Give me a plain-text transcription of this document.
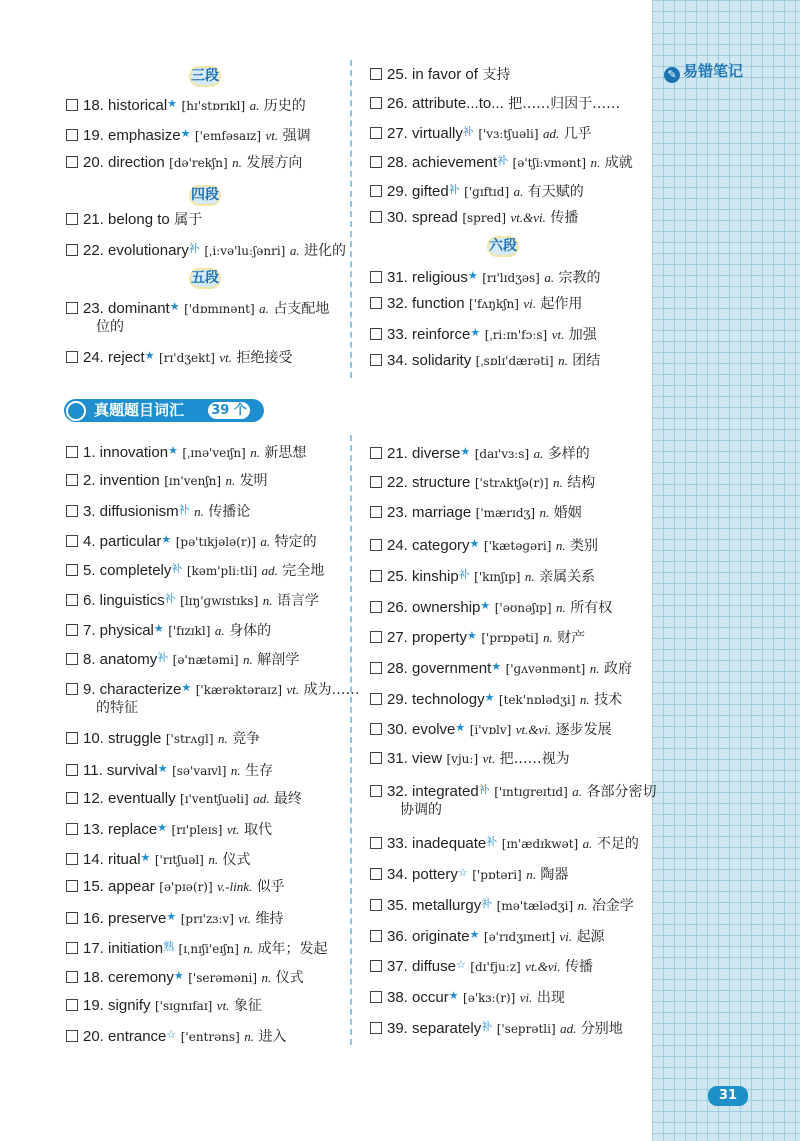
✎ 易错笔记
31
三段
四段
五段
六段
真题题目词汇 39 个
18. historical★ [hɪ'stɒrɪkl] a. 历史的
19. emphasize★ ['emfəsaɪz] vt. 强调
20. direction [də'rekʃn] n. 发展方向
21. belong to 属于
22. evolutionary$^补$ [ˌiːvə'luːʃənri] a. 进化的
23. dominant★ ['dɒmɪnənt] a. 占支配地
位的
24. reject★ [rɪ'dʒekt] vt. 拒绝接受
25. in favor of 支持
26. attribute...to... 把……归因于……
27. virtually$^补$ ['vɜːtʃuəli] ad. 几乎
28. achievement$^补$ [ə'tʃiːvmənt] n. 成就
29. gifted$^补$ ['ɡɪftɪd] a. 有天赋的
30. spread [spred] vt.&vi. 传播
31. religious★ [rɪ'lɪdʒəs] a. 宗教的
32. function ['fʌŋkʃn] vi. 起作用
33. reinforce★ [ˌriːɪn'fɔːs] vt. 加强
34. solidarity [ˌsɒlɪ'dærəti] n. 团结
1. innovation★ [ˌɪnə'veɪʃn] n. 新思想
2. invention [ɪn'venʃn] n. 发明
3. diffusionism$^补$ n. 传播论
4. particular★ [pə'tɪkjələ(r)] a. 特定的
5. completely$^补$ [kəm'pliːtli] ad. 完全地
6. linguistics$^补$ [lɪŋ'ɡwɪstɪks] n. 语言学
7. physical★ ['fɪzɪkl] a. 身体的
8. anatomy$^补$ [ə'nætəmi] n. 解剖学
9. characterize★ ['kærəktəraɪz] vt. 成为……
的特征
10. struggle ['strʌɡl] n. 竞争
11. survival★ [sə'vaɪvl] n. 生存
12. eventually [ɪ'ventʃuəli] ad. 最终
13. replace★ [rɪ'pleɪs] vt. 取代
14. ritual★ ['rɪtʃuəl] n. 仪式
15. appear [ə'pɪə(r)] v.-link. 似乎
16. preserve★ [prɪ'zɜːv] vt. 维持
17. initiation$^熟$ [ɪˌnɪʃi'eɪʃn] n. 成年；发起
18. ceremony★ ['serəməni] n. 仪式
19. signify ['sɪɡnɪfaɪ] vt. 象征
20. entrance☆ ['entrəns] n. 进入
21. diverse★ [daɪ'vɜːs] a. 多样的
22. structure ['strʌktʃə(r)] n. 结构
23. marriage ['mærɪdʒ] n. 婚姻
24. category★ ['kætəɡəri] n. 类别
25. kinship$^补$ ['kɪnʃɪp] n. 亲属关系
26. ownership★ ['əʊnəʃɪp] n. 所有权
27. property★ ['prɒpəti] n. 财产
28. government★ ['ɡʌvənmənt] n. 政府
29. technology★ [tek'nɒlədʒi] n. 技术
30. evolve★ [i'vɒlv] vt.&vi. 逐步发展
31. view [vjuː] vt. 把……视为
32. integrated$^补$ ['ɪntɪɡreɪtɪd] a. 各部分密切
协调的
33. inadequate$^补$ [ɪn'ædɪkwət] a. 不足的
34. pottery☆ ['pɒtəri] n. 陶器
35. metallurgy$^补$ [mə'tælədʒi] n. 冶金学
36. originate★ [ə'rɪdʒɪneɪt] vi. 起源
37. diffuse☆ [dɪ'fjuːz] vt.&vi. 传播
38. occur★ [ə'kɜː(r)] vi. 出现
39. separately$^补$ ['seprətli] ad. 分别地
